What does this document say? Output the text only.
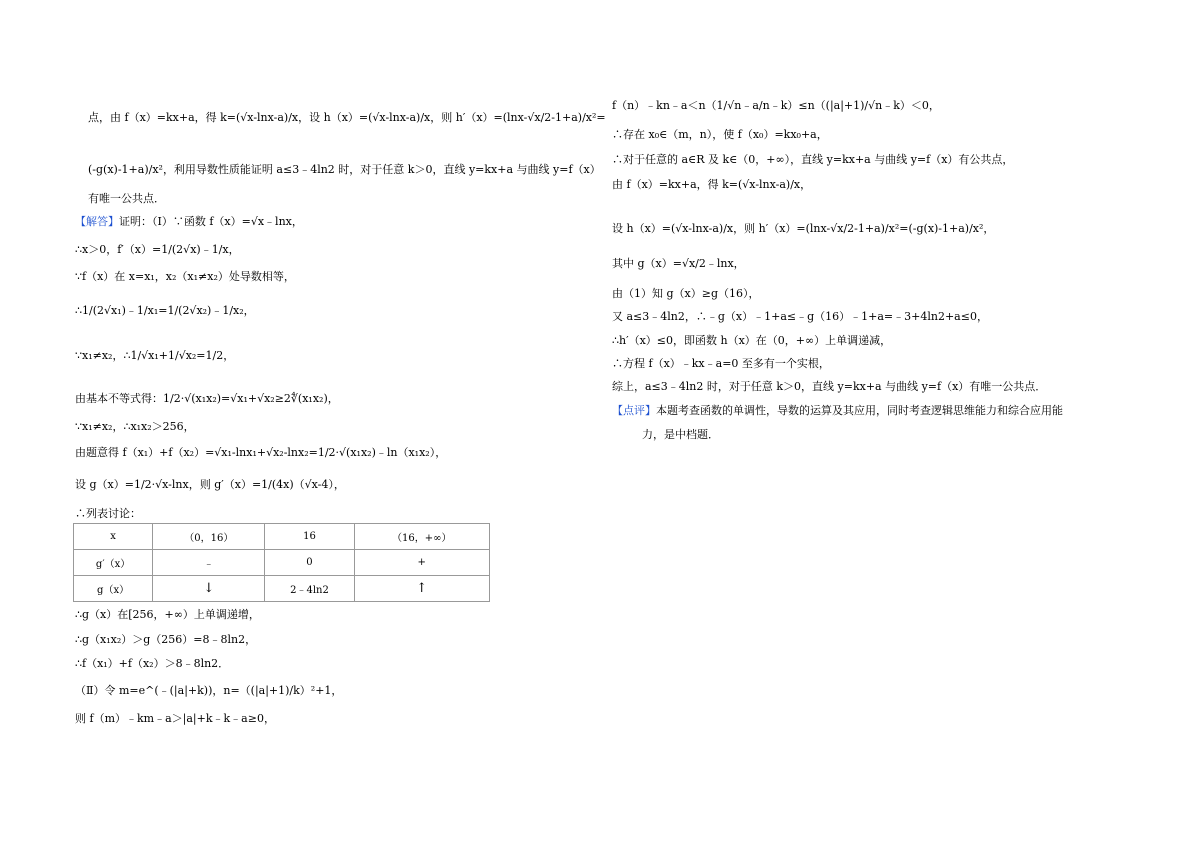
点，由 f（x）=kx+a，得 k=(√x-lnx-a)/x，设 h（x）=(√x-lnx-a)/x，则 h′（x）=(lnx-√x/2-1+a)/x²=
(-g(x)-1+a)/x²，利用导数性质能证明 a≤3﹣4ln2 时，对于任意 k＞0，直线 y=kx+a 与曲线 y=f（x）
有唯一公共点．
【解答】证明：（Ⅰ）∵函数 f（x）=√x﹣lnx，
∴x＞0，f′（x）=1/(2√x)﹣1/x，
∵f（x）在 x=x₁，x₂（x₁≠x₂）处导数相等，
∴1/(2√x₁)﹣1/x₁=1/(2√x₂)﹣1/x₂，
∵x₁≠x₂，∴1/√x₁+1/√x₂=1/2，
由基本不等式得：1/2·√(x₁x₂)=√x₁+√x₂≥2∜(x₁x₂)，
∵x₁≠x₂，∴x₁x₂＞256，
由题意得 f（x₁）+f（x₂）=√x₁-lnx₁+√x₂-lnx₂=1/2·√(x₁x₂)﹣ln（x₁x₂），
设 g（x）=1/2·√x-lnx，则 g′（x）=1/(4x)（√x-4），
∴列表讨论：
x	（0，16）	16	（16，+∞）
g′（x）	﹣	0	+
g（x）	↓	2﹣4ln2	↑
∴g（x）在[256，+∞）上单调递增，
∴g（x₁x₂）＞g（256）=8﹣8ln2，
∴f（x₁）+f（x₂）＞8﹣8ln2．
（Ⅱ）令 m=e^(﹣(|a|+k))，n=（(|a|+1)/k）²+1，
则 f（m）﹣km﹣a＞|a|+k﹣k﹣a≥0，
f（n）﹣kn﹣a＜n（1/√n﹣a/n﹣k）≤n（(|a|+1)/√n﹣k）＜0，
∴存在 x₀∈（m，n），使 f（x₀）=kx₀+a，
∴对于任意的 a∈R 及 k∈（0，+∞），直线 y=kx+a 与曲线 y=f（x）有公共点，
由 f（x）=kx+a，得 k=(√x-lnx-a)/x，
设 h（x）=(√x-lnx-a)/x，则 h′（x）=(lnx-√x/2-1+a)/x²=(-g(x)-1+a)/x²，
其中 g（x）=√x/2﹣lnx，
由（1）知 g（x）≥g（16），
又 a≤3﹣4ln2，∴﹣g（x）﹣1+a≤﹣g（16）﹣1+a=﹣3+4ln2+a≤0，
∴h′（x）≤0，即函数 h（x）在（0，+∞）上单调递减，
∴方程 f（x）﹣kx﹣a=0 至多有一个实根，
综上，a≤3﹣4ln2 时，对于任意 k＞0，直线 y=kx+a 与曲线 y=f（x）有唯一公共点．
【点评】本题考查函数的单调性，导数的运算及其应用，同时考查逻辑思维能力和综合应用能
力，是中档题．
